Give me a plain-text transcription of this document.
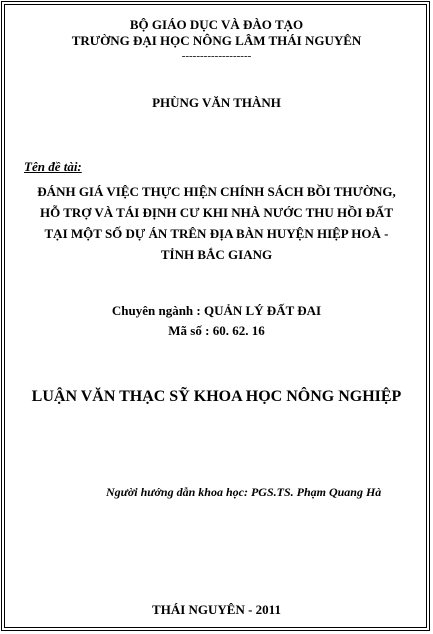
BỘ GIÁO DỤC VÀ ĐÀO TẠO
TRƯỜNG ĐẠI HỌC NÔNG LÂM THÁI NGUYÊN
-------------------
PHÙNG VĂN THÀNH
Tên đề tài:
ĐÁNH GIÁ VIỆC THỰC HIỆN CHÍNH SÁCH BỒI THƯỜNG,
HỖ TRỢ VÀ TÁI ĐỊNH CƯ KHI NHÀ NƯỚC THU HỒI ĐẤT
TẠI MỘT SỐ DỰ ÁN TRÊN ĐỊA BÀN HUYỆN HIỆP HOÀ -
TỈNH BẮC GIANG
Chuyên ngành : QUẢN LÝ ĐẤT ĐAI
Mã số : 60. 62. 16
LUẬN VĂN THẠC SỸ KHOA HỌC NÔNG NGHIỆP
Người hướng dẫn khoa học: PGS.TS. Phạm Quang Hà
THÁI NGUYÊN - 2011
